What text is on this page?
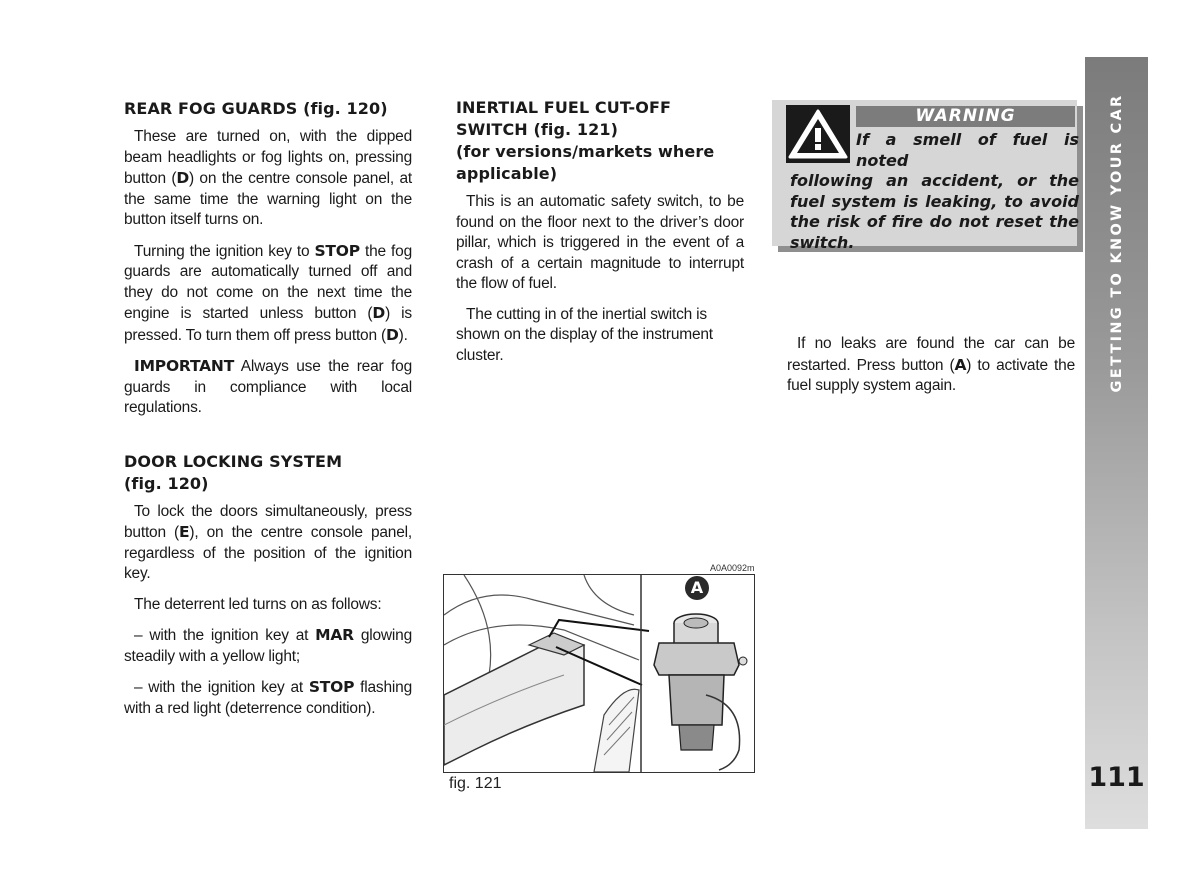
REAR FOG GUARDS (fig. 120)

These are turned on, with the dipped beam headlights or fog lights on, pressing button (D) on the centre console panel, at the same time the warning light on the button itself turns on.

Turning the ignition key to STOP the fog guards are automatically turned off and they do not come on the next time the engine is started unless button (D) is pressed. To turn them off press button (D).

IMPORTANT Always use the rear fog guards in compliance with local regulations.

DOOR LOCKING SYSTEM
(fig. 120)

To lock the doors simultaneously, press button (E), on the centre console panel, regardless of the position of the ignition key.

The deterrent led turns on as follows:

– with the ignition key at MAR glowing steadily with a yellow light;

– with the ignition key at STOP flashing with a red light (deterrence condition).

INERTIAL FUEL CUT-OFF
SWITCH (fig. 121)
(for versions/markets where applicable)

This is an automatic safety switch, to be found on the floor next to the driver’s door pillar, which is triggered in the event of a crash of a certain magnitude to interrupt the flow of fuel.

The cutting in of the inertial switch is shown on the display of the instrument cluster.

WARNING
If a smell of fuel is noted
following an accident, or the fuel system is leaking, to avoid the risk of fire do not reset the switch.

If no leaks are found the car can be restarted. Press button (A) to activate the fuel supply system again.

A0A0092m
A
fig. 121
GETTING TO KNOW YOUR CAR
111
